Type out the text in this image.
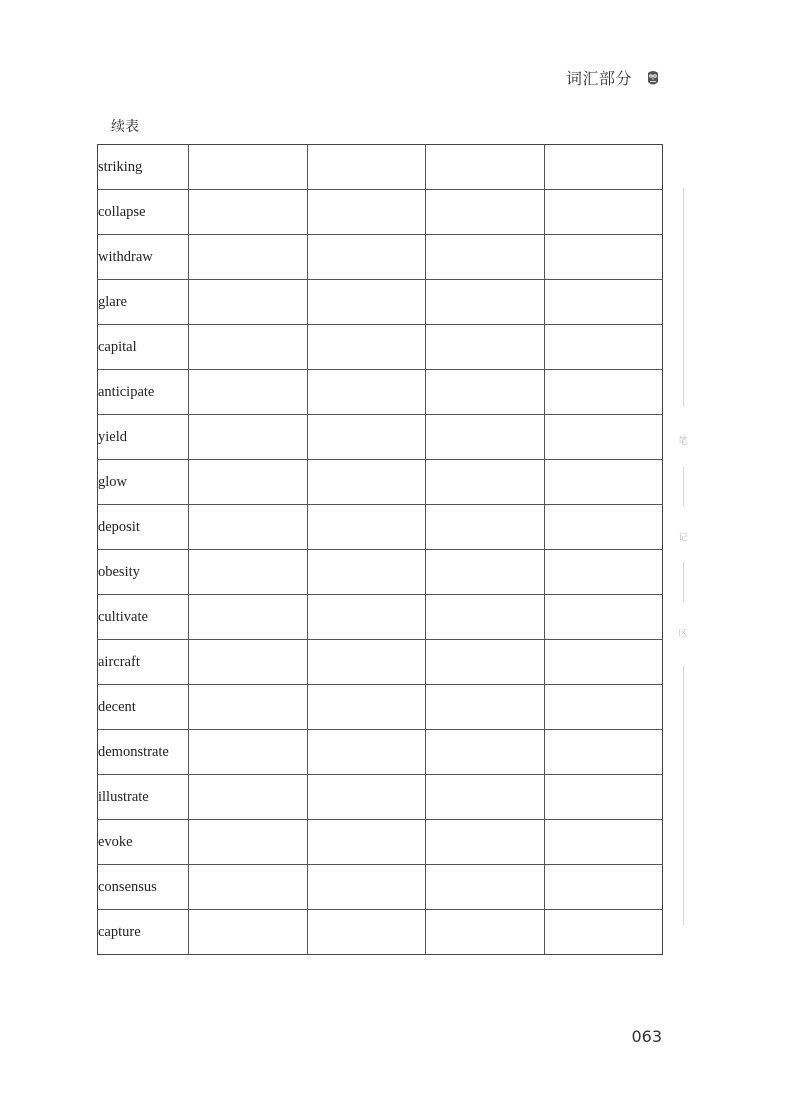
词汇部分
续表
striking				
collapse				
withdraw				
glare				
capital				
anticipate				
yield				
glow				
deposit				
obesity				
cultivate				
aircraft				
decent				
demonstrate				
illustrate				
evoke				
consensus				
capture				
笔
记
区
063
